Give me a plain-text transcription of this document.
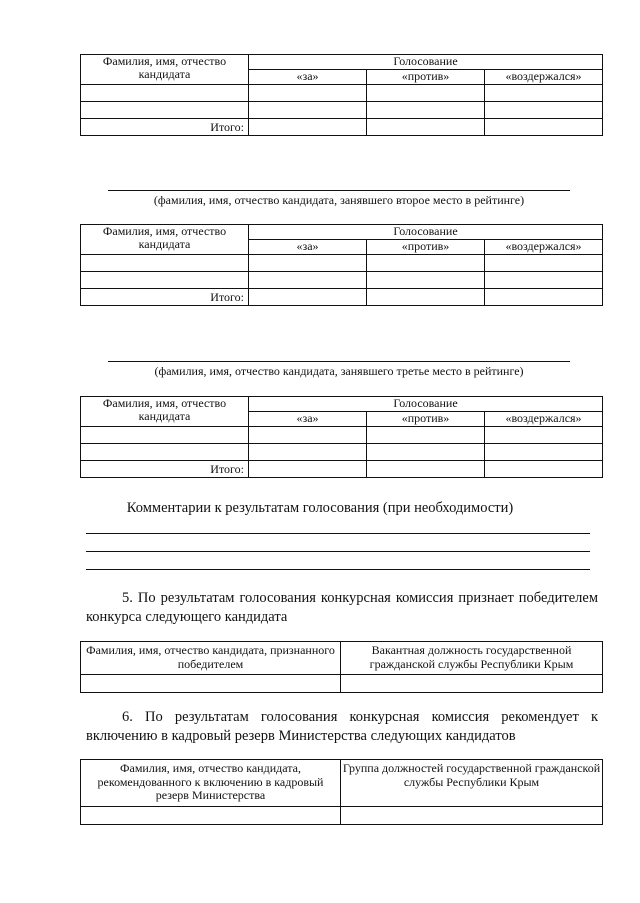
Фамилия, имя, отчество кандидата	Голосование		
	«за»	«против»	«воздержался»

Итого:			
(фамилия, имя, отчество кандидата, занявшего второе место в рейтинге)
Фамилия, имя, отчество кандидата	Голосование		
	«за»	«против»	«воздержался»

Итого:			
(фамилия, имя, отчество кандидата, занявшего третье место в рейтинге)
Фамилия, имя, отчество кандидата	Голосование		
	«за»	«против»	«воздержался»

Итого:			
Комментарии к результатам голосования (при необходимости)
5. По результатам голосования конкурсная комиссия признает победителем конкурса следующего кандидата
Фамилия, имя, отчество кандидата, признанного победителем	Вакантная должность государственной гражданской службы Республики Крым

6. По результатам голосования конкурсная комиссия рекомендует к включению в кадровый резерв Министерства следующих кандидатов
Фамилия, имя, отчество кандидата, рекомендованного к включению в кадровый резерв Министерства	Группа должностей государственной гражданской службы Республики Крым
